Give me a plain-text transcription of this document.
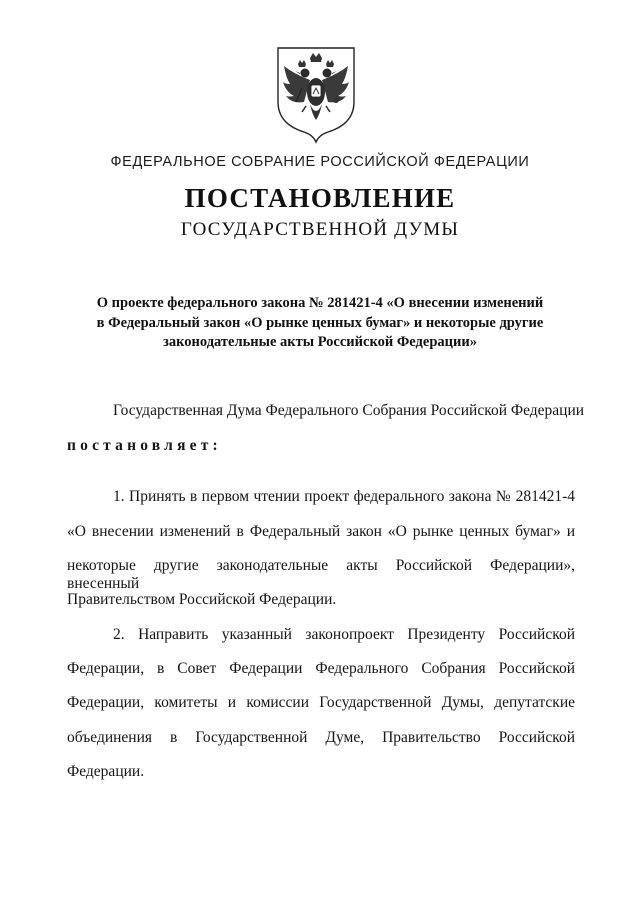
ФЕДЕРАЛЬНОЕ СОБРАНИЕ РОССИЙСКОЙ ФЕДЕРАЦИИ
ПОСТАНОВЛЕНИЕ
ГОСУДАРСТВЕННОЙ ДУМЫ
О проекте федерального закона № 281421-4 «О внесении изменений
в Федеральный закон «О рынке ценных бумаг» и некоторые другие
законодательные акты Российской Федерации»
Государственная Дума Федерального Собрания Российской Федерации
постановляет:
1. Принять в первом чтении проект федерального закона № 281421-4
«О внесении изменений в Федеральный закон «О рынке ценных бумаг» и
некоторые другие законодательные акты Российской Федерации», внесенный
Правительством Российской Федерации.
2. Направить указанный законопроект Президенту Российской
Федерации, в Совет Федерации Федерального Собрания Российской
Федерации, комитеты и комиссии Государственной Думы, депутатские
объединения в Государственной Думе, Правительство Российской
Федерации.
